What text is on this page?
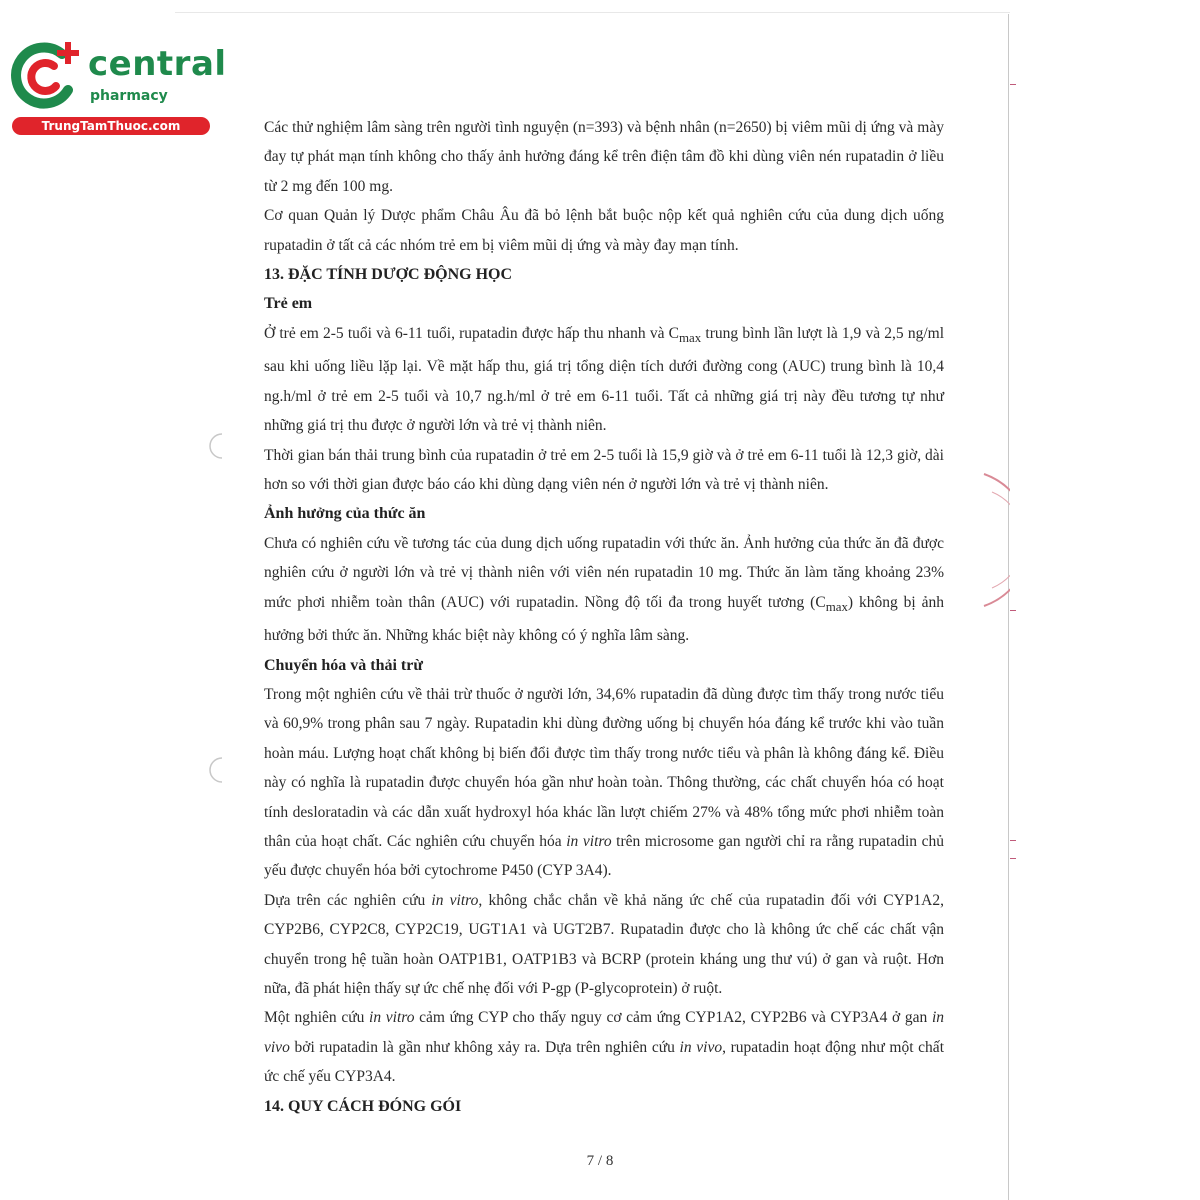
central
pharmacy
TrungTamThuoc.com	Các thử nghiệm lâm sàng trên người tình nguyện (n=393) và bệnh nhân (n=2650) bị viêm mũi dị ứng và mày đay tự phát mạn tính không cho thấy ảnh hưởng đáng kể trên điện tâm đồ khi dùng viên nén rupatadin ở liều từ 2 mg đến 100 mg.

Cơ quan Quản lý Dược phẩm Châu Âu đã bỏ lệnh bắt buộc nộp kết quả nghiên cứu của dung dịch uống rupatadin ở tất cả các nhóm trẻ em bị viêm mũi dị ứng và mày đay mạn tính.

13. ĐẶC TÍNH DƯỢC ĐỘNG HỌC
Trẻ em

Ở trẻ em 2-5 tuổi và 6-11 tuổi, rupatadin được hấp thu nhanh và $C_{max}$ trung bình lần lượt là 1,9 và 2,5 ng/ml sau khi uống liều lặp lại. Về mặt hấp thu, giá trị tổng diện tích dưới đường cong (AUC) trung bình là 10,4 ng.h/ml ở trẻ em 2-5 tuổi và 10,7 ng.h/ml ở trẻ em 6-11 tuổi. Tất cả những giá trị này đều tương tự như những giá trị thu được ở người lớn và trẻ vị thành niên.

Thời gian bán thải trung bình của rupatadin ở trẻ em 2-5 tuổi là 15,9 giờ và ở trẻ em 6-11 tuổi là 12,3 giờ, dài hơn so với thời gian được báo cáo khi dùng dạng viên nén ở người lớn và trẻ vị thành niên.

Ảnh hưởng của thức ăn

Chưa có nghiên cứu về tương tác của dung dịch uống rupatadin với thức ăn. Ảnh hưởng của thức ăn đã được nghiên cứu ở người lớn và trẻ vị thành niên với viên nén rupatadin 10 mg. Thức ăn làm tăng khoảng 23% mức phơi nhiễm toàn thân (AUC) với rupatadin. Nồng độ tối đa trong huyết tương $(C_{max})$ không bị ảnh hưởng bởi thức ăn. Những khác biệt này không có ý nghĩa lâm sàng.

Chuyển hóa và thải trừ

Trong một nghiên cứu về thải trừ thuốc ở người lớn, 34,6% rupatadin đã dùng được tìm thấy trong nước tiểu và 60,9% trong phân sau 7 ngày. Rupatadin khi dùng đường uống bị chuyển hóa đáng kể trước khi vào tuần hoàn máu. Lượng hoạt chất không bị biến đổi được tìm thấy trong nước tiểu và phân là không đáng kể. Điều này có nghĩa là rupatadin được chuyển hóa gần như hoàn toàn. Thông thường, các chất chuyển hóa có hoạt tính desloratadin và các dẫn xuất hydroxyl hóa khác lần lượt chiếm 27% và 48% tổng mức phơi nhiễm toàn thân của hoạt chất. Các nghiên cứu chuyển hóa in vitro trên microsome gan người chỉ ra rằng rupatadin chủ yếu được chuyển hóa bởi cytochrome P450 (CYP 3A4).

Dựa trên các nghiên cứu in vitro, không chắc chắn về khả năng ức chế của rupatadin đối với CYP1A2, CYP2B6, CYP2C8, CYP2C19, UGT1A1 và UGT2B7. Rupatadin được cho là không ức chế các chất vận chuyển trong hệ tuần hoàn OATP1B1, OATP1B3 và BCRP (protein kháng ung thư vú) ở gan và ruột. Hơn nữa, đã phát hiện thấy sự ức chế nhẹ đối với P-gp (P-glycoprotein) ở ruột.

Một nghiên cứu in vitro cảm ứng CYP cho thấy nguy cơ cảm ứng CYP1A2, CYP2B6 và CYP3A4 ở gan in vivo bởi rupatadin là gần như không xảy ra. Dựa trên nghiên cứu in vivo, rupatadin hoạt động như một chất ức chế yếu CYP3A4.

14. QUY CÁCH ĐÓNG GÓI
7 / 8
